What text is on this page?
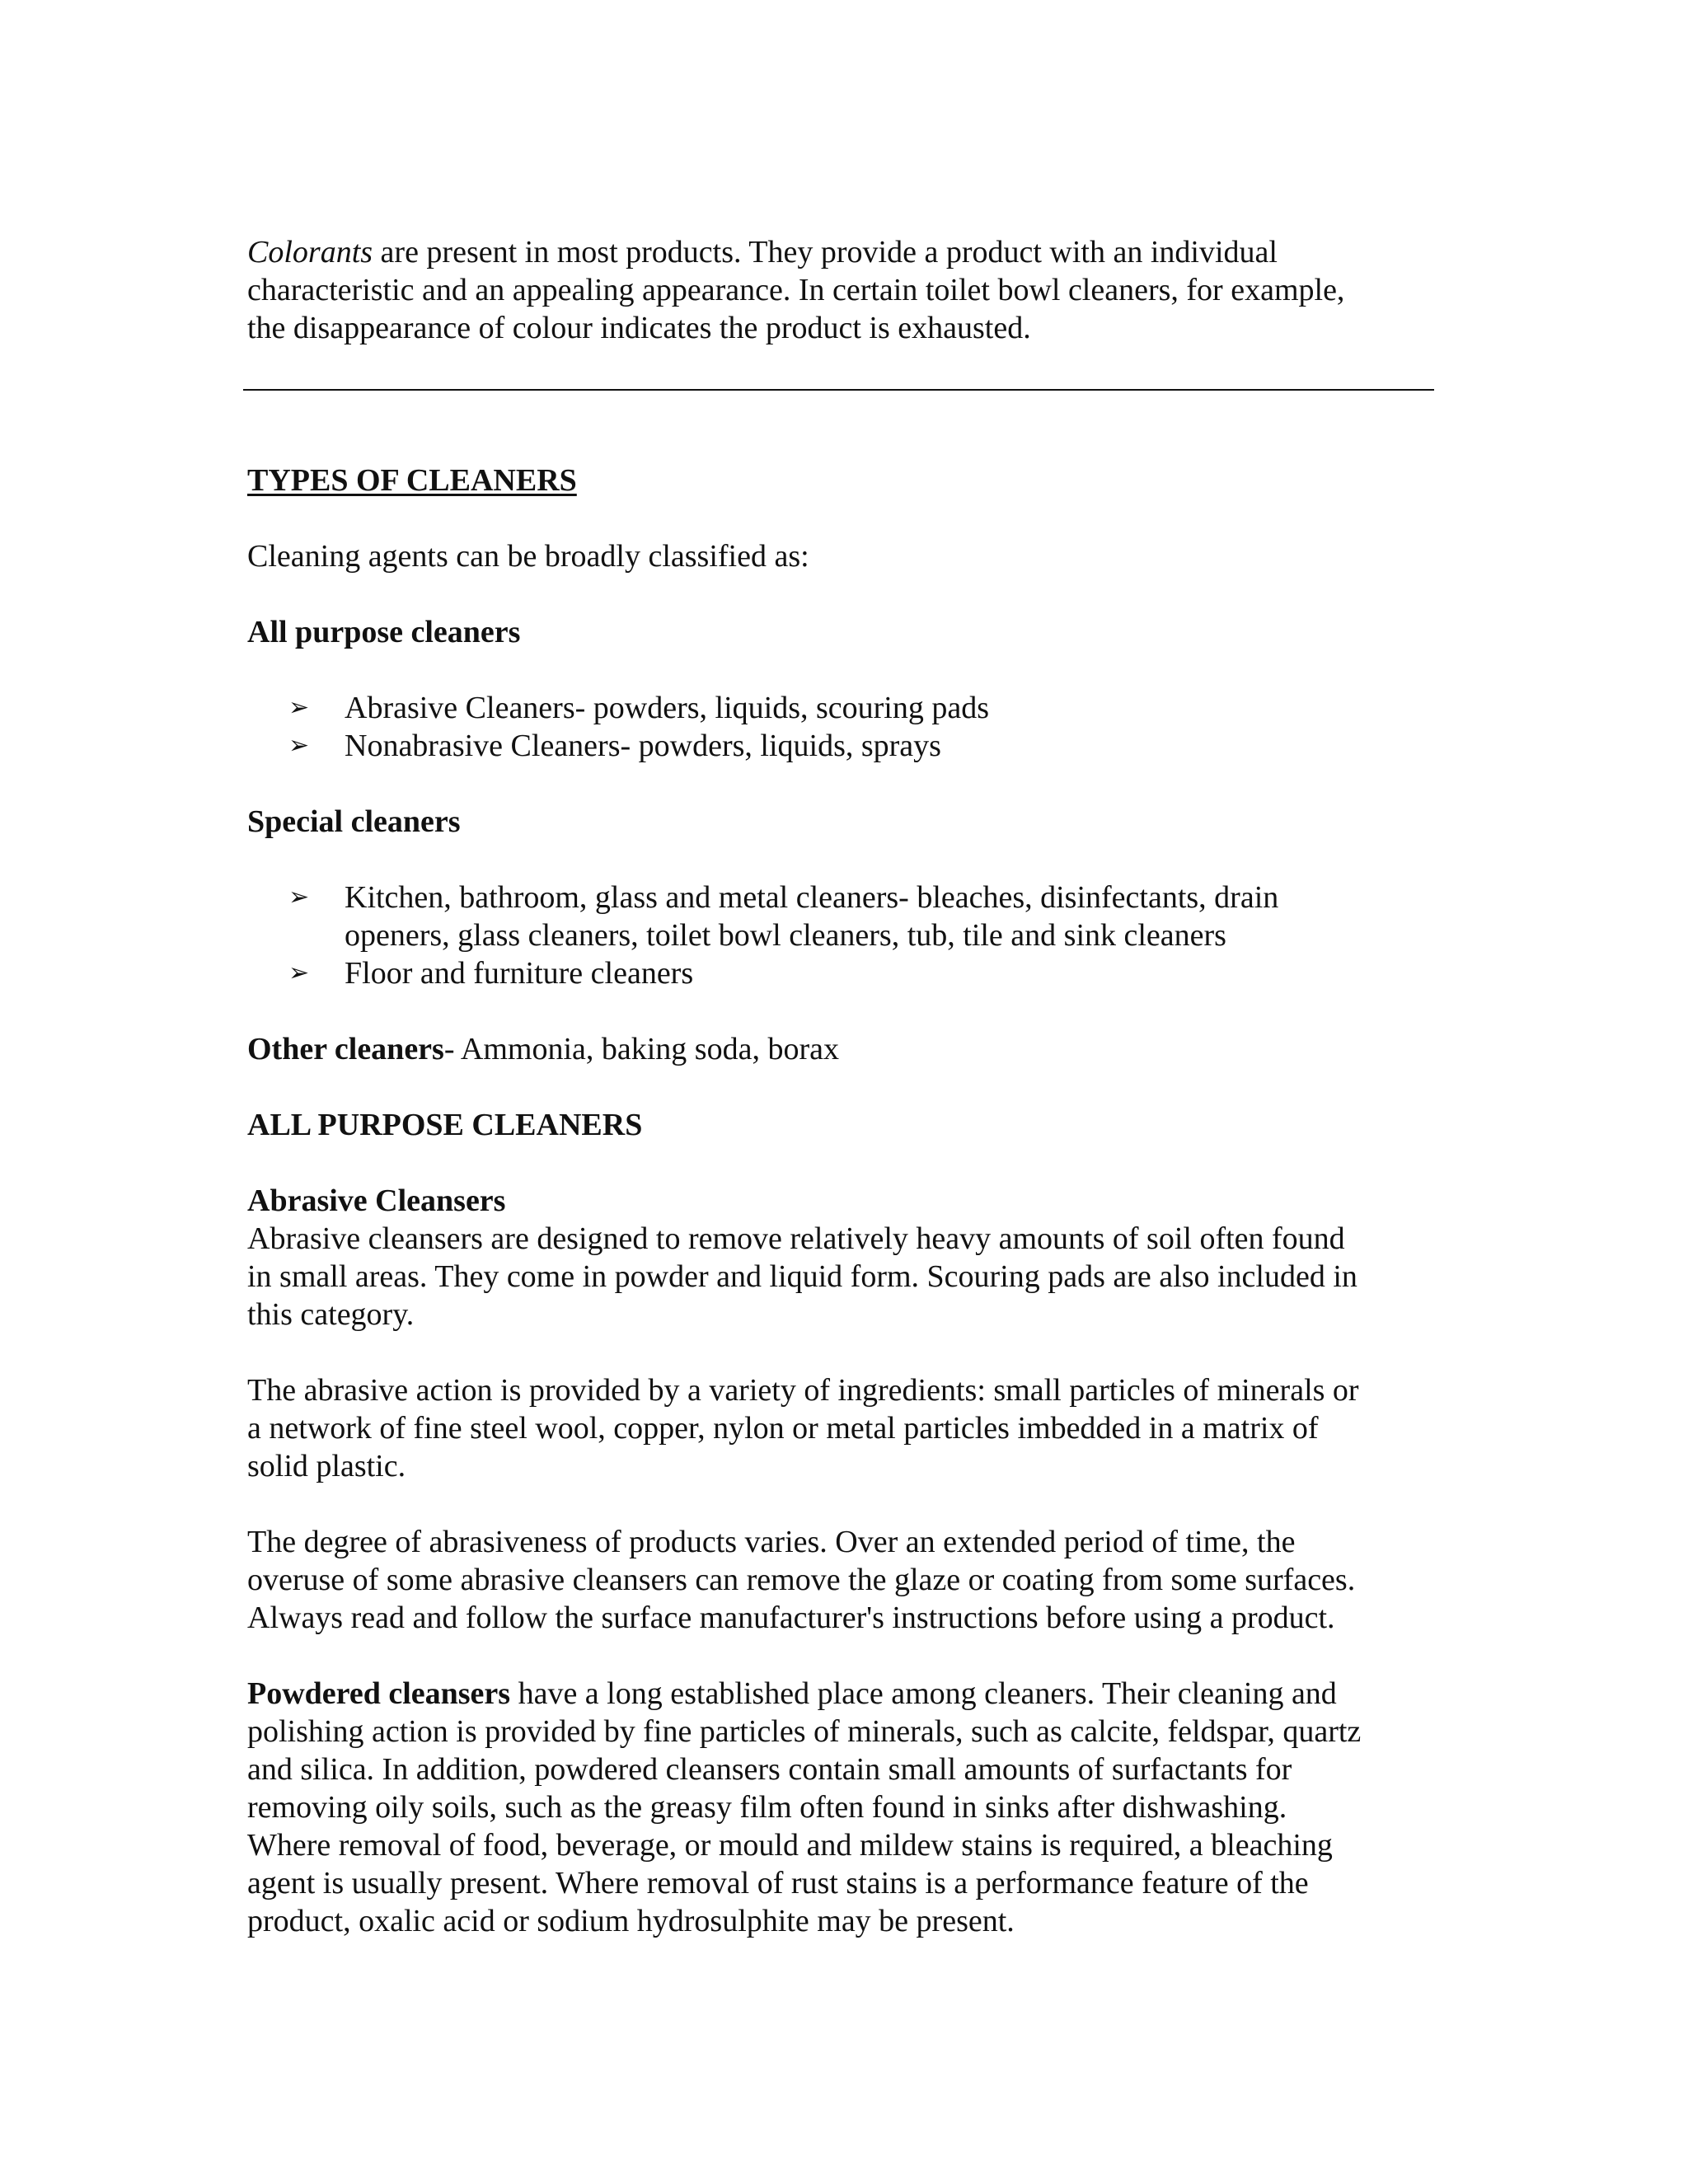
Colorants are present in most products. They provide a product with an individual

characteristic and an appealing appearance. In certain toilet bowl cleaners, for example,

the disappearance of colour indicates the product is exhausted.

TYPES OF CLEANERS

Cleaning agents can be broadly classified as:

All purpose cleaners

➢ Abrasive Cleaners- powders, liquids, scouring pads

➢ Nonabrasive Cleaners- powders, liquids, sprays

Special cleaners

➢ Kitchen, bathroom, glass and metal cleaners- bleaches, disinfectants, drain

openers, glass cleaners, toilet bowl cleaners, tub, tile and sink cleaners

➢ Floor and furniture cleaners

Other cleaners- Ammonia, baking soda, borax

ALL PURPOSE CLEANERS

Abrasive Cleansers

Abrasive cleansers are designed to remove relatively heavy amounts of soil often found

in small areas. They come in powder and liquid form. Scouring pads are also included in

this category.

The abrasive action is provided by a variety of ingredients: small particles of minerals or

a network of fine steel wool, copper, nylon or metal particles imbedded in a matrix of

solid plastic.

The degree of abrasiveness of products varies. Over an extended period of time, the

overuse of some abrasive cleansers can remove the glaze or coating from some surfaces.

Always read and follow the surface manufacturer's instructions before using a product.

Powdered cleansers have a long established place among cleaners. Their cleaning and

polishing action is provided by fine particles of minerals, such as calcite, feldspar, quartz

and silica. In addition, powdered cleansers contain small amounts of surfactants for

removing oily soils, such as the greasy film often found in sinks after dishwashing.

Where removal of food, beverage, or mould and mildew stains is required, a bleaching

agent is usually present. Where removal of rust stains is a performance feature of the

product, oxalic acid or sodium hydrosulphite may be present.
